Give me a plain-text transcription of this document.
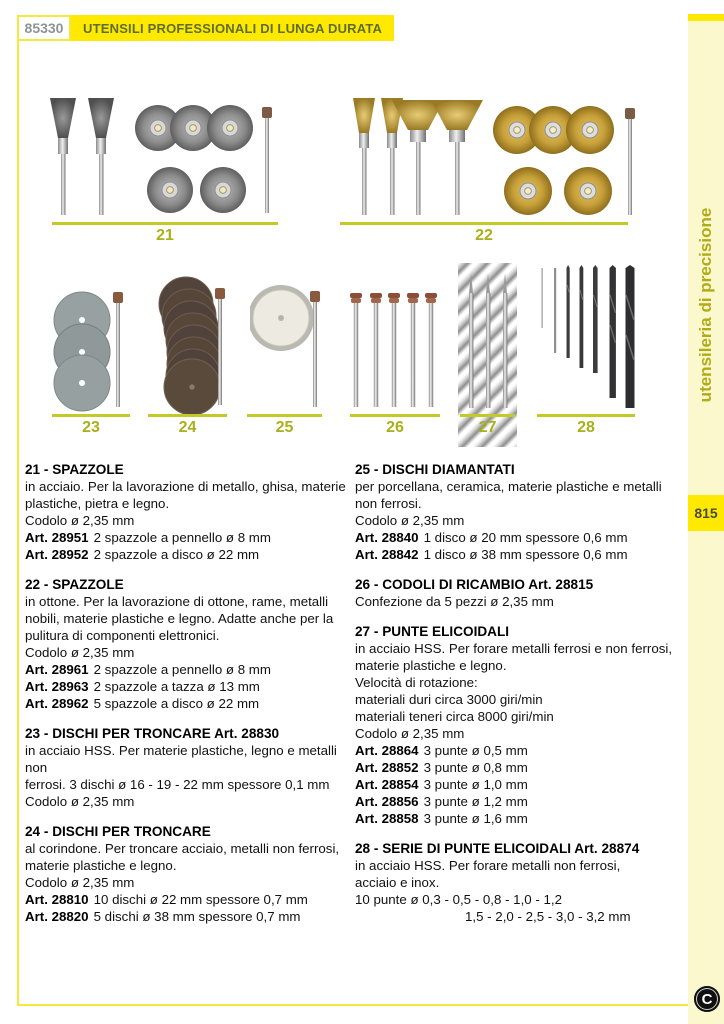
85330	UTENSILI PROFESSIONALI DI LUNGA DURATA
utensileria di precisione
815
C
21	22
23	24	25	26	27	28
21 - SPAZZOLE
in acciaio. Per la lavorazione di metallo, ghisa, materie
plastiche, pietra e legno.
Codolo ø 2,35 mm
Art. 28951 2 spazzole a pennello ø 8 mm
Art. 28952 2 spazzole a disco ø 22 mm
22 - SPAZZOLE
in ottone. Per la lavorazione di ottone, rame, metalli
nobili, materie plastiche e legno. Adatte anche per la
pulitura di componenti elettronici.
Codolo ø 2,35 mm
Art. 28961 2 spazzole a pennello ø 8 mm
Art. 28963 2 spazzole a tazza ø 13 mm
Art. 28962 5 spazzole a disco ø 22 mm
23 - DISCHI PER TRONCARE Art. 28830
in acciaio HSS. Per materie plastiche, legno e metalli non
ferrosi. 3 dischi ø 16 - 19 - 22 mm spessore 0,1 mm
Codolo ø 2,35 mm
24 - DISCHI PER TRONCARE
al corindone. Per troncare acciaio, metalli non ferrosi,
materie plastiche e legno.
Codolo ø 2,35 mm
Art. 28810 10 dischi ø 22 mm spessore 0,7 mm
Art. 28820 5 dischi ø 38 mm spessore 0,7 mm
25 - DISCHI DIAMANTATI
per porcellana, ceramica, materie plastiche e metalli
non ferrosi.
Codolo ø 2,35 mm
Art. 28840 1 disco ø 20 mm spessore 0,6 mm
Art. 28842 1 disco ø 38 mm spessore 0,6 mm
26 - CODOLI DI RICAMBIO Art. 28815
Confezione da 5 pezzi ø 2,35 mm
27 - PUNTE ELICOIDALI
in acciaio HSS. Per forare metalli ferrosi e non ferrosi,
materie plastiche e legno.
Velocità di rotazione:
materiali duri circa 3000 giri/min
materiali teneri circa 8000 giri/min
Codolo ø 2,35 mm
Art. 28864 3 punte ø 0,5 mm
Art. 28852 3 punte ø 0,8 mm
Art. 28854 3 punte ø 1,0 mm
Art. 28856 3 punte ø 1,2 mm
Art. 28858 3 punte ø 1,6 mm
28 - SERIE DI PUNTE ELICOIDALI Art. 28874
in acciaio HSS. Per forare metalli non ferrosi,
acciaio e inox.
10 punte ø 0,3 - 0,5 - 0,8 - 1,0 - 1,2
1,5 - 2,0 - 2,5 - 3,0 - 3,2 mm
